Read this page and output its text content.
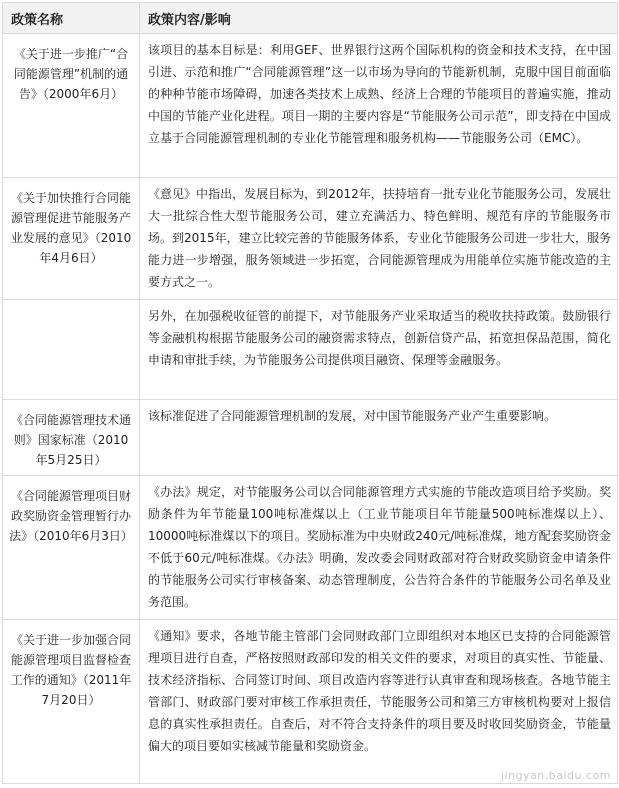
政策名称	政策内容/影响
《关于进一步推广“合同能源管理”机制的通告》（2000年6月）	该项目的基本目标是：利用GEF、世界银行这两个国际机构的资金和技术支持，在中国引进、示范和推广“合同能源管理”这一以市场为导向的节能新机制，克服中国目前面临的种种节能市场障碍，加速各类技术上成熟、经济上合理的节能项目的普遍实施，推动中国的节能产业化进程。项目一期的主要内容是“节能服务公司示范”，即支持在中国成立基于合同能源管理机制的专业化节能管理和服务机构——节能服务公司（EMC）。
《关于加快推行合同能源管理促进节能服务产业发展的意见》（2010年4月6日）	《意见》中指出，发展目标为，到2012年，扶持培育一批专业化节能服务公司，发展壮大一批综合性大型节能服务公司，建立充满活力、特色鲜明、规范有序的节能服务市场。到2015年，建立比较完善的节能服务体系，专业化节能服务公司进一步壮大，服务能力进一步增强，服务领域进一步拓宽，合同能源管理成为用能单位实施节能改造的主要方式之一。
	另外，在加强税收征管的前提下，对节能服务产业采取适当的税收扶持政策。鼓励银行等金融机构根据节能服务公司的融资需求特点，创新信贷产品，拓宽担保品范围，简化申请和审批手续，为节能服务公司提供项目融资、保理等金融服务。
《合同能源管理技术通则》国家标准（2010年5月25日）	该标准促进了合同能源管理机制的发展，对中国节能服务产业产生重要影响。
《合同能源管理项目财政奖励资金管理暂行办法》（2010年6月3日）	《办法》规定，对节能服务公司以合同能源管理方式实施的节能改造项目给予奖励。奖励条件为年节能量100吨标准煤以上（工业节能项目年节能量500吨标准煤以上）、10000吨标准煤以下的项目。奖励标准为中央财政240元/吨标准煤，地方配套奖励资金不低于60元/吨标准煤。《办法》明确，发改委会同财政部对符合财政奖励资金申请条件的节能服务公司实行审核备案、动态管理制度，公告符合条件的节能服务公司名单及业务范围。
《关于进一步加强合同能源管理项目监督检查工作的通知》（2011年7月20日）	《通知》要求，各地节能主管部门会同财政部门立即组织对本地区已支持的合同能源管理项目进行自查，严格按照财政部印发的相关文件的要求，对项目的真实性、节能量、技术经济指标、合同签订时间、项目改造内容等进行认真审查和现场核查。各地节能主管部门、财政部门要对审核工作承担责任，节能服务公司和第三方审核机构要对上报信息的真实性承担责任。自查后，对不符合支持条件的项目要及时收回奖励资金，节能量偏大的项目要如实核减节能量和奖励资金。
jingyan.baidu.com
